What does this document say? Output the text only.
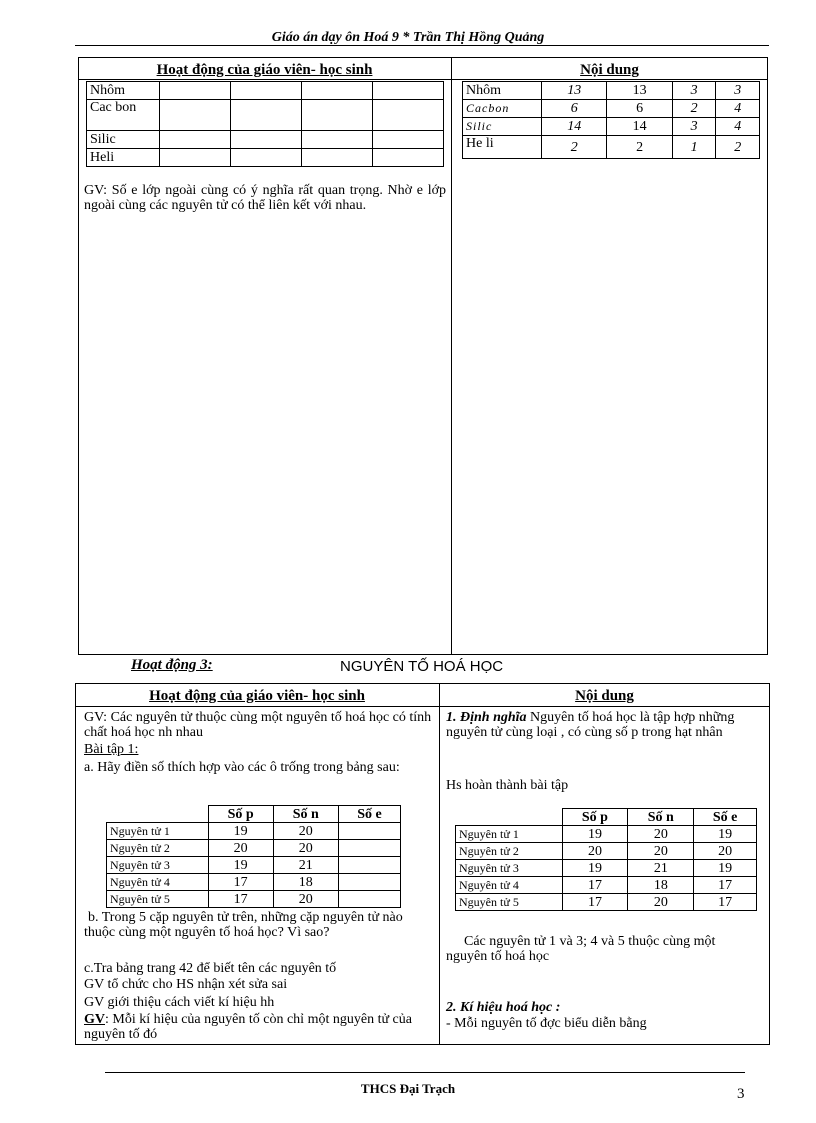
Giáo án dạy ôn Hoá 9 * Trần Thị Hồng Quảng
Hoạt động của giáo viên- học sinh	Nội dung
Nhôm				
Cac bon				
Silic				
Heli				
GV: Số e lớp ngoài cùng có ý nghĩa rất quan trọng. Nhờ e lớp ngoài cùng các nguyên tử có thể liên kết với nhau.
Nhôm	13	13	3	3
Cacbon	6	6	2	4
Silic	14	14	3	4
He li	2	2	1	2
Hoạt động 3:	NGUYÊN TỐ HOÁ HỌC
Hoạt động của giáo viên- học sinh	Nội dung
GV: Các nguyên tử thuộc cùng một nguyên tố hoá học có tính chất hoá học nh nhau
Bài tập 1:
a. Hãy điền số thích hợp vào các ô trống trong bảng sau:
	Số p	Số n	Số e
Nguyên tử 1	19	20	
Nguyên tử 2	20	20	
Nguyên tử 3	19	21	
Nguyên tử 4	17	18	
Nguyên tử 5	17	20	
b. Trong 5 cặp nguyên tử trên, những cặp nguyên tử nào thuộc cùng một nguyên tố hoá học? Vì sao?
c.Tra bảng trang 42 để biết tên các nguyên tố
GV tổ chức cho HS nhận xét sửa sai
GV giới thiệu cách viết kí hiệu hh
GV: Mỗi kí hiệu của nguyên tố còn chỉ một nguyên tử của nguyên tố đó
1. Định nghĩa Nguyên tố hoá học là tập hợp những nguyên tử cùng loại , có cùng số p trong hạt nhân
Hs hoàn thành bài tập
	Số p	Số n	Số e
Nguyên tử 1	19	20	19
Nguyên tử 2	20	20	20
Nguyên tử 3	19	21	19
Nguyên tử 4	17	18	17
Nguyên tử 5	17	20	17
Các nguyên tử 1 và 3; 4 và 5 thuộc cùng một nguyên tố hoá học
2. Kí hiệu hoá học :
- Mỗi nguyên tố đợc biểu diễn bằng
THCS Đại Trạch	3
